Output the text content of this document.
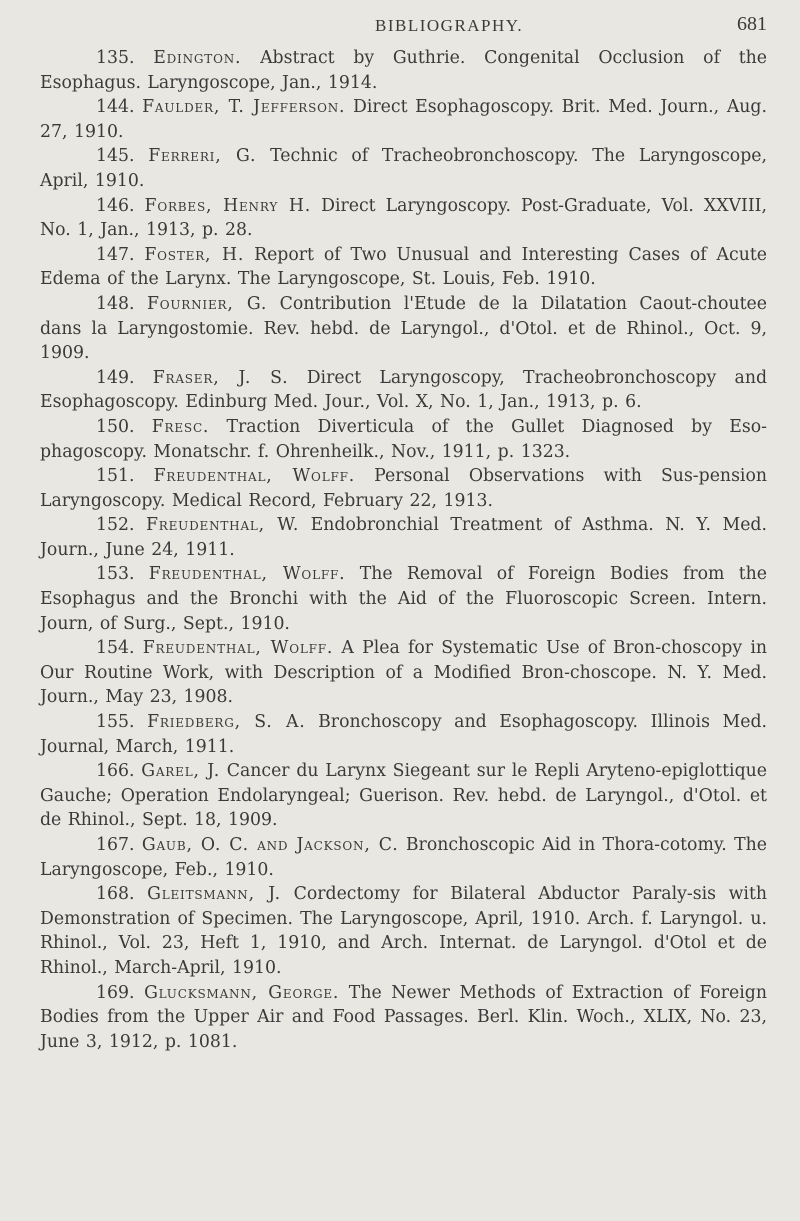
BIBLIOGRAPHY.	681

135. Edington. Abstract by Guthrie. Congenital Occlusion of the Esophagus. Laryngoscope, Jan., 1914.

144. Faulder, T. Jefferson. Direct Esophagoscopy. Brit. Med. Journ., Aug. 27, 1910.

145. Ferreri, G. Technic of Tracheobronchoscopy. The Laryngoscope, April, 1910.

146. Forbes, Henry H. Direct Laryngoscopy. Post-Graduate, Vol. XXVIII, No. 1, Jan., 1913, p. 28.

147. Foster, H. Report of Two Unusual and Interesting Cases of Acute Edema of the Larynx. The Laryngoscope, St. Louis, Feb. 1910.

148. Fournier, G. Contribution l'Etude de la Dilatation Caout-choutee dans la Laryngostomie. Rev. hebd. de Laryngol., d'Otol. et de Rhinol., Oct. 9, 1909.

149. Fraser, J. S. Direct Laryngoscopy, Tracheobronchoscopy and Esophagoscopy. Edinburg Med. Jour., Vol. X, No. 1, Jan., 1913, p. 6.

150. Fresc. Traction Diverticula of the Gullet Diagnosed by Eso-phagoscopy. Monatschr. f. Ohrenheilk., Nov., 1911, p. 1323.

151. Freudenthal, Wolff. Personal Observations with Sus-pension Laryngoscopy. Medical Record, February 22, 1913.

152. Freudenthal, W. Endobronchial Treatment of Asthma. N. Y. Med. Journ., June 24, 1911.

153. Freudenthal, Wolff. The Removal of Foreign Bodies from the Esophagus and the Bronchi with the Aid of the Fluoroscopic Screen. Intern. Journ, of Surg., Sept., 1910.

154. Freudenthal, Wolff. A Plea for Systematic Use of Bron-choscopy in Our Routine Work, with Description of a Modified Bron-choscope. N. Y. Med. Journ., May 23, 1908.

155. Friedberg, S. A. Bronchoscopy and Esophagoscopy. Illinois Med. Journal, March, 1911.

166. Garel, J. Cancer du Larynx Siegeant sur le Repli Aryteno-epiglottique Gauche; Operation Endolaryngeal; Guerison. Rev. hebd. de Laryngol., d'Otol. et de Rhinol., Sept. 18, 1909.

167. Gaub, O. C. and Jackson, C. Bronchoscopic Aid in Thora-cotomy. The Laryngoscope, Feb., 1910.

168. Gleitsmann, J. Cordectomy for Bilateral Abductor Paraly-sis with Demonstration of Specimen. The Laryngoscope, April, 1910. Arch. f. Laryngol. u. Rhinol., Vol. 23, Heft 1, 1910, and Arch. Internat. de Laryngol. d'Otol et de Rhinol., March-April, 1910.

169. Glucksmann, George. The Newer Methods of Extraction of Foreign Bodies from the Upper Air and Food Passages. Berl. Klin. Woch., XLIX, No. 23, June 3, 1912, p. 1081.
